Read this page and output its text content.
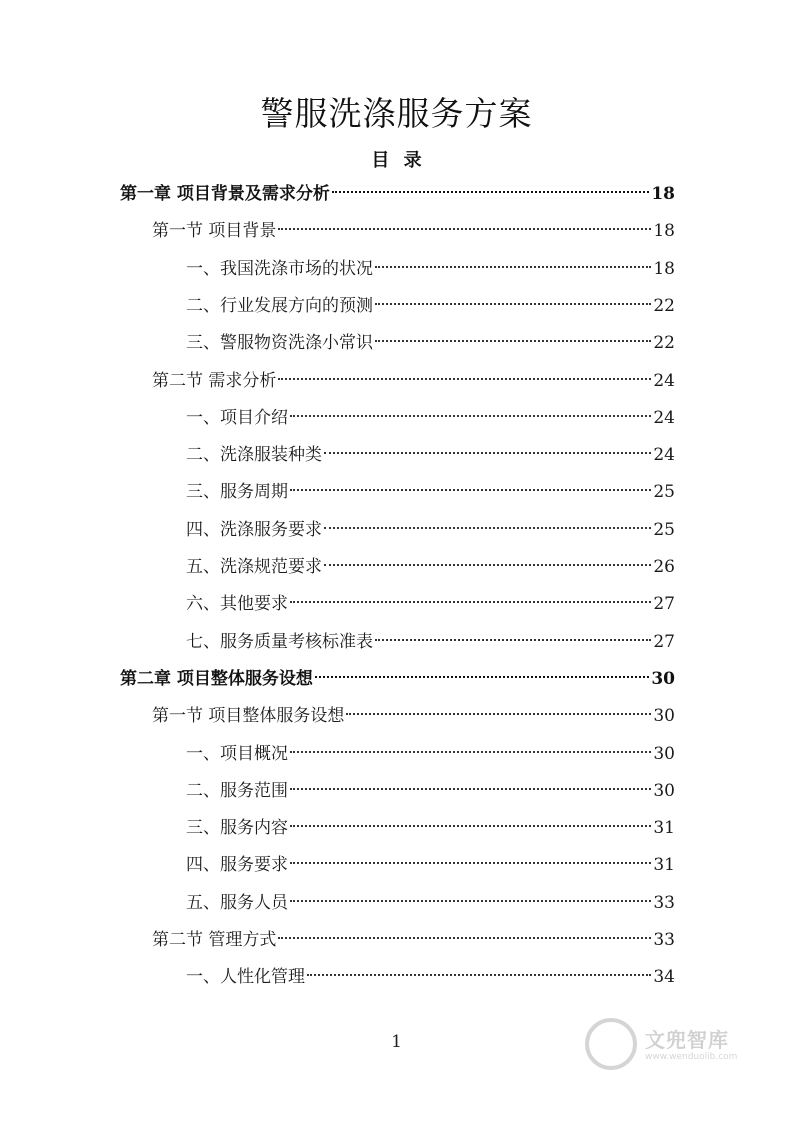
警服洗涤服务方案
目 录
第一章 项目背景及需求分析	18
第一节 项目背景	18
一、我国洗涤市场的状况	18
二、行业发展方向的预测	22
三、警服物资洗涤小常识	22
第二节 需求分析	24
一、项目介绍	24
二、洗涤服装种类	24
三、服务周期	25
四、洗涤服务要求	25
五、洗涤规范要求	26
六、其他要求	27
七、服务质量考核标准表	27
第二章 项目整体服务设想	30
第一节 项目整体服务设想	30
一、项目概况	30
二、服务范围	30
三、服务内容	31
四、服务要求	31
五、服务人员	33
第二节 管理方式	33
一、人性化管理	34
1	文兜智库
www.wenduolib.com
